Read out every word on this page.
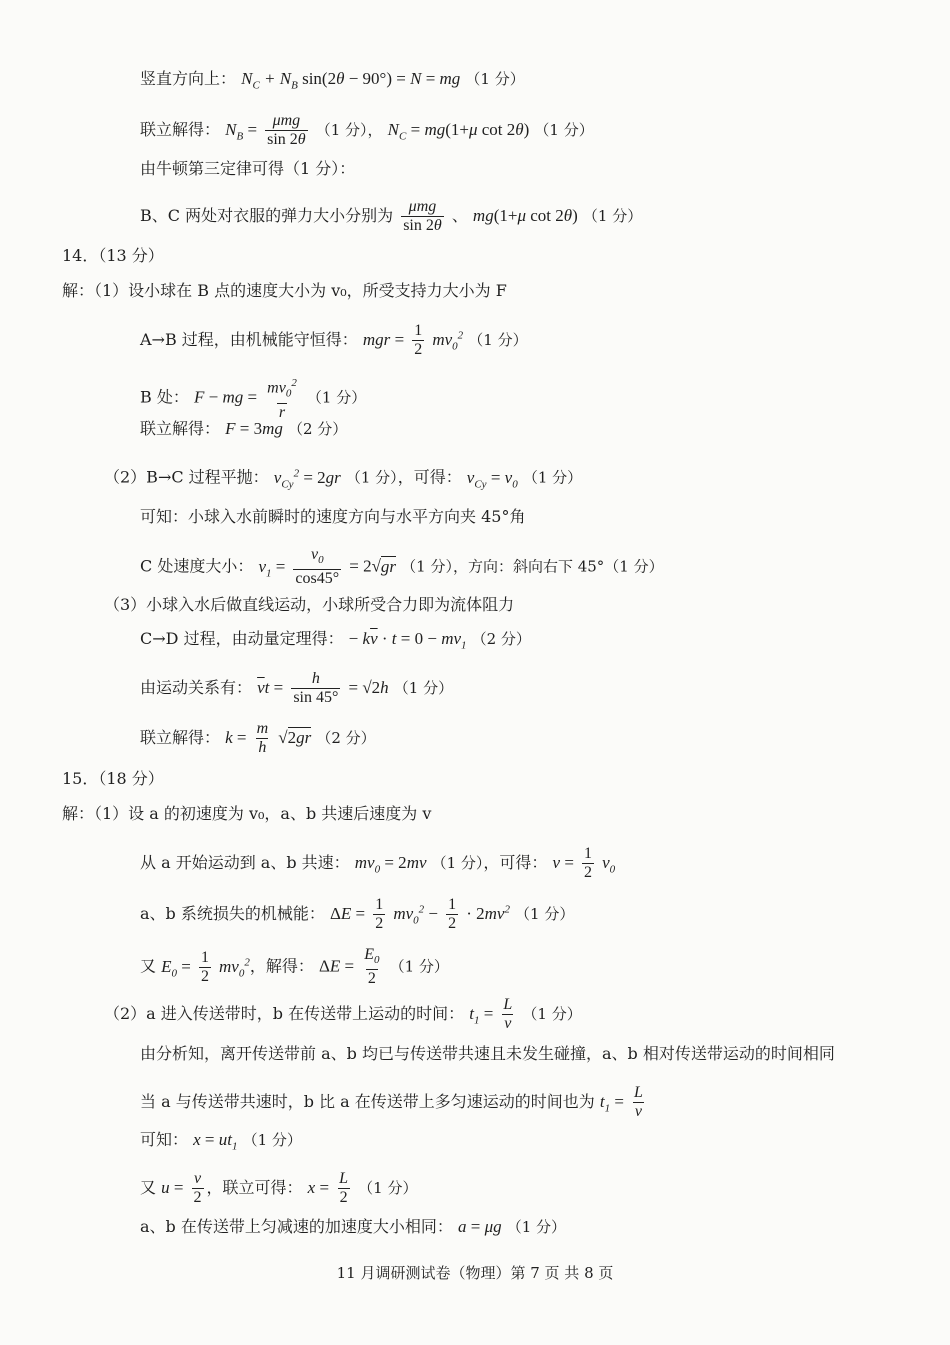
竖直方向上： $N_C + N_B$ sin(2θ − 90°) = N = mg （1 分）
联立解得： $N_B = \frac{\text{μmg}}{\sin 2\theta} (1$ 分）， $N_C = mg(1+\mu$ cot 2θ) （1 分）
由牛顿第三定律可得（1 分）：
B、C 两处对衣服的弹力大小分别为 $\frac{\text{μmg}}{\sin 2\theta}$ 、 mg(1+μ cot 2θ) （1 分）
14．（13 分）
解：（1）设小球在 B 点的速度大小为 v₀，所受支持力大小为 F
A→B 过程，由机械能守恒得： mgr = $\frac{1}{2} mv_0^2$ （1 分）
B 处： F − mg = $\frac{mv_0^2}{r} (1$ 分）
联立解得： F = 3mg （2 分）
（2）B→C 过程平抛： $v_{Cy}^2 = 2gr$ （1 分），可得： $v_{Cy} = v_0$ （1 分）
可知：小球入水前瞬时的速度方向与水平方向夹 45°角
C 处速度大小： $v_1 = \frac{v_0}{\cos 45^\circ} = 2√gr$ （1 分），方向：斜向右下 45°（1 分）
（3）小球入水后做直线运动，小球所受合力即为流体阻力
C→D 过程，由动量定理得： − $k\overline{v} \cdot t = 0 - mv_1$ （2 分）
由运动关系有： $\overline{v}t = \frac{h}{\sin 45^\circ} = √2h$ （1 分）
联立解得： $k = \frac{m}{h} √2gr$ （2 分）
15．（18 分）
解：（1）设 a 的初速度为 v₀，a、b 共速后速度为 v
从 a 开始运动到 a、b 共速： $mv_0 = 2mv$ （1 分），可得： $v = \frac{1}{2} v_0$
a、b 系统损失的机械能： $\Delta E = \frac{1}{2} mv_0^2 - \frac{1}{2} \cdot 2mv^2$ （1 分）
又 $E_0 = \frac{1}{2} mv_0^2$，解得： $\Delta E = \frac{E_0}{2} (1$ 分）
（2）a 进入传送带时，b 在传送带上运动的时间： $t_1 = \frac{L}{v} (1$ 分）
由分析知，离开传送带前 a、b 均已与传送带共速且未发生碰撞，a、b 相对传送带运动的时间相同
当 a 与传送带共速时，b 比 a 在传送带上多匀速运动的时间也为 $t_1 = \frac{L}{v}$
可知： $x = ut_1$ （1 分）
又 $u = \frac{v}{2}$ ，联立可得： $x = \frac{L}{2} (1$ 分）
a、b 在传送带上匀减速的加速度大小相同： a = μg （1 分）
11 月调研测试卷（物理）第 7 页 共 8 页
